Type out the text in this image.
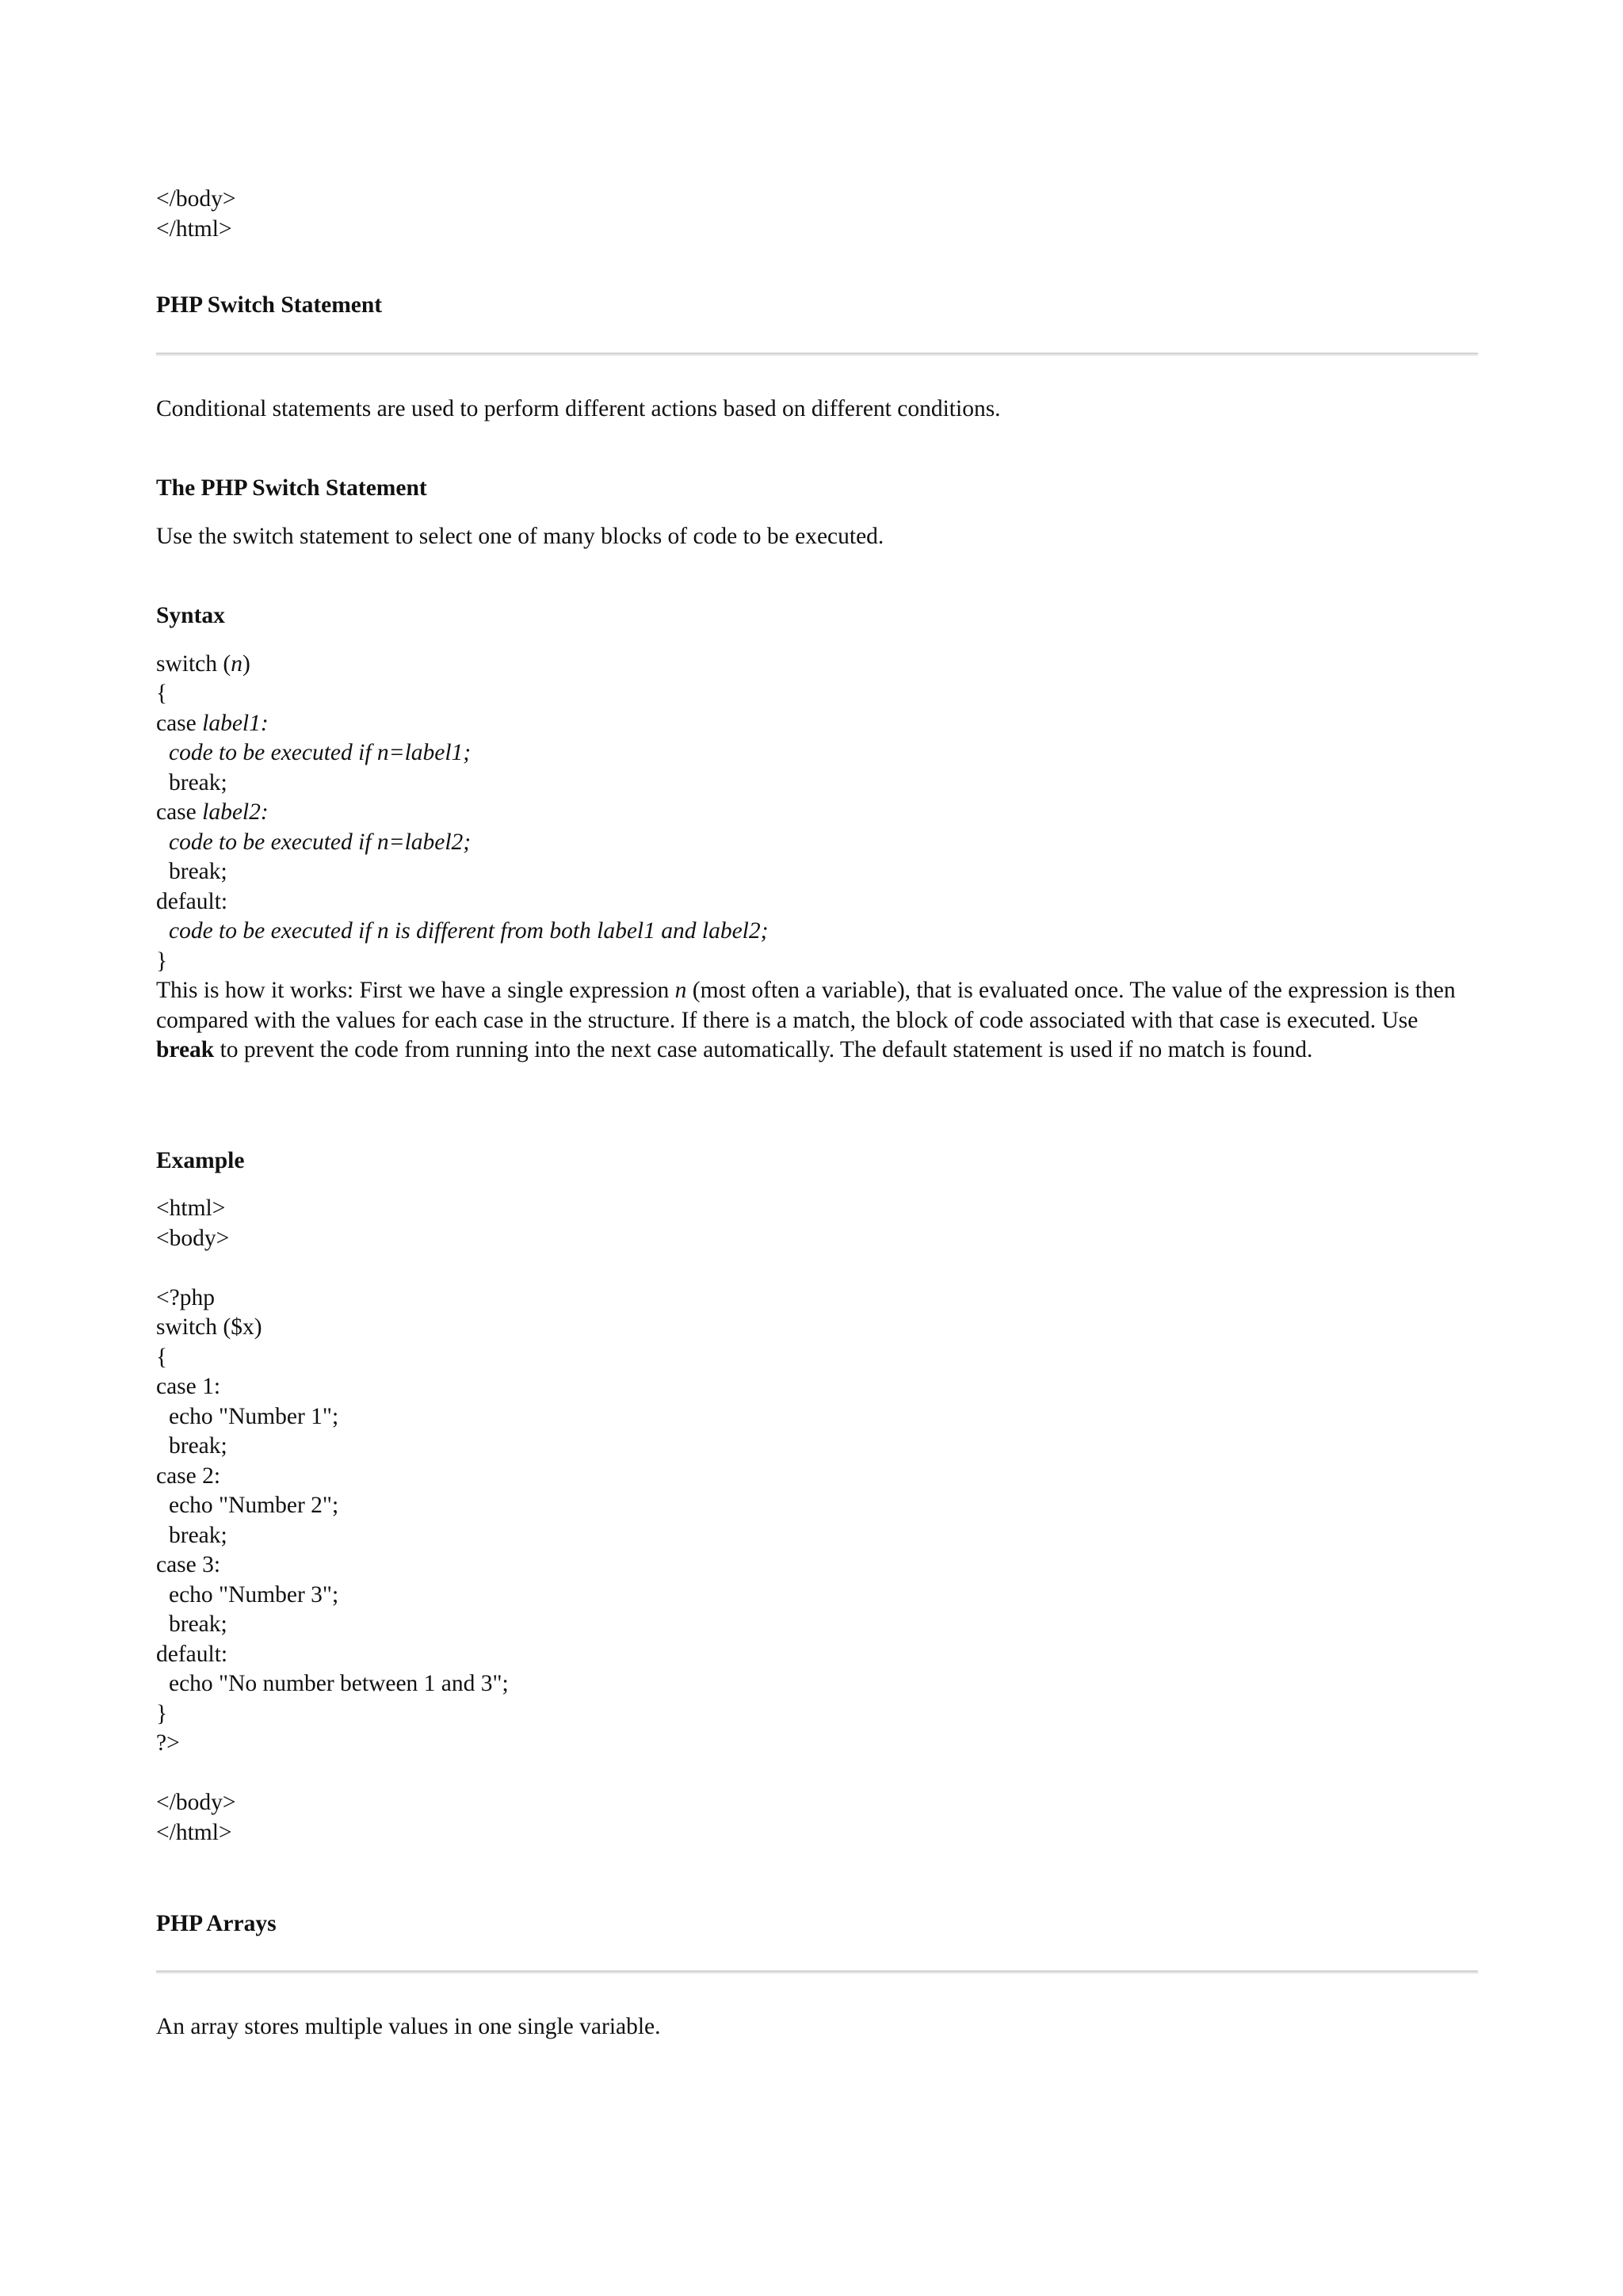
</body>
</html>
PHP Switch Statement
Conditional statements are used to perform different actions based on different conditions.
The PHP Switch Statement
Use the switch statement to select one of many blocks of code to be executed.
Syntax
switch (n)
{
case label1:
code to be executed if n=label1;
break;
case label2:
code to be executed if n=label2;
break;
default:
code to be executed if n is different from both label1 and label2;
}
This is how it works: First we have a single expression n (most often a variable), that is evaluated once. The value of the expression is then compared with the values for each case in the structure. If there is a match, the block of code associated with that case is executed. Use break to prevent the code from running into the next case automatically. The default statement is used if no match is found.
Example
<html>
<body>
<?php
switch ($x)
{
case 1:
echo "Number 1";
break;
case 2:
echo "Number 2";
break;
case 3:
echo "Number 3";
break;
default:
echo "No number between 1 and 3";
}
?>
</body>
</html>
PHP Arrays
An array stores multiple values in one single variable.
